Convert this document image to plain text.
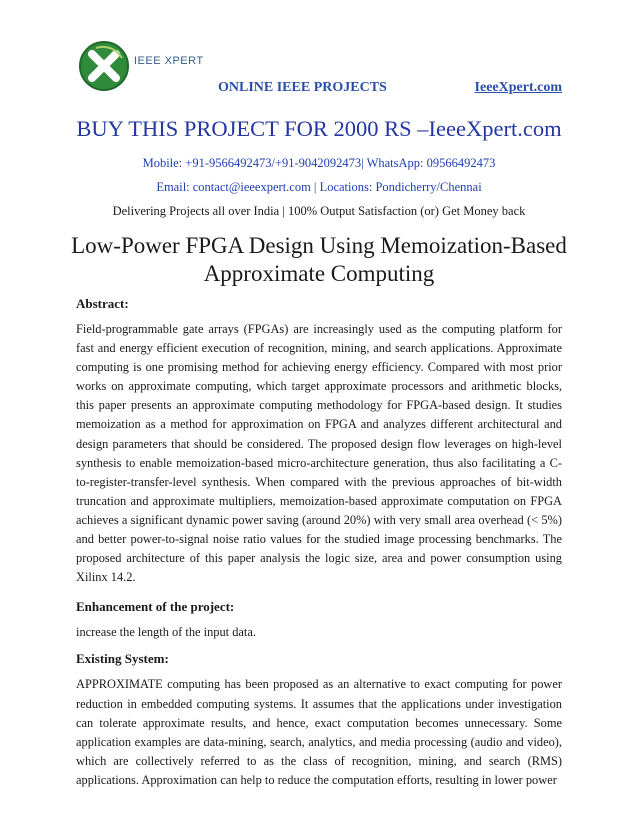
IEEE XPERT
ONLINE IEEE PROJECTS	IeeeXpert.com
BUY THIS PROJECT FOR 2000 RS –IeeeXpert.com
Mobile: +91-9566492473/+91-9042092473| WhatsApp: 09566492473
Email: contact@ieeexpert.com | Locations: Pondicherry/Chennai
Delivering Projects all over India | 100% Output Satisfaction (or) Get Money back
Low-Power FPGA Design Using Memoization-Based Approximate Computing

Abstract:

Field-programmable gate arrays (FPGAs) are increasingly used as the computing platform for fast and energy efficient execution of recognition, mining, and search applications. Approximate computing is one promising method for achieving energy efficiency. Compared with most prior works on approximate computing, which target approximate processors and arithmetic blocks, this paper presents an approximate computing methodology for FPGA-based design. It studies memoization as a method for approximation on FPGA and analyzes different architectural and design parameters that should be considered. The proposed design flow leverages on high-level synthesis to enable memoization-based micro-architecture generation, thus also facilitating a C-to-register-transfer-level synthesis. When compared with the previous approaches of bit-width truncation and approximate multipliers, memoization-based approximate computation on FPGA achieves a significant dynamic power saving (around 20%) with very small area overhead (< 5%) and better power-to-signal noise ratio values for the studied image processing benchmarks. The proposed architecture of this paper analysis the logic size, area and power consumption using Xilinx 14.2.

Enhancement of the project:

increase the length of the input data.

Existing System:

APPROXIMATE computing has been proposed as an alternative to exact computing for power reduction in embedded computing systems. It assumes that the applications under investigation can tolerate approximate results, and hence, exact computation becomes unnecessary. Some application examples are data-mining, search, analytics, and media processing (audio and video), which are collectively referred to as the class of recognition, mining, and search (RMS) applications. Approximation can help to reduce the computation efforts, resulting in lower power
